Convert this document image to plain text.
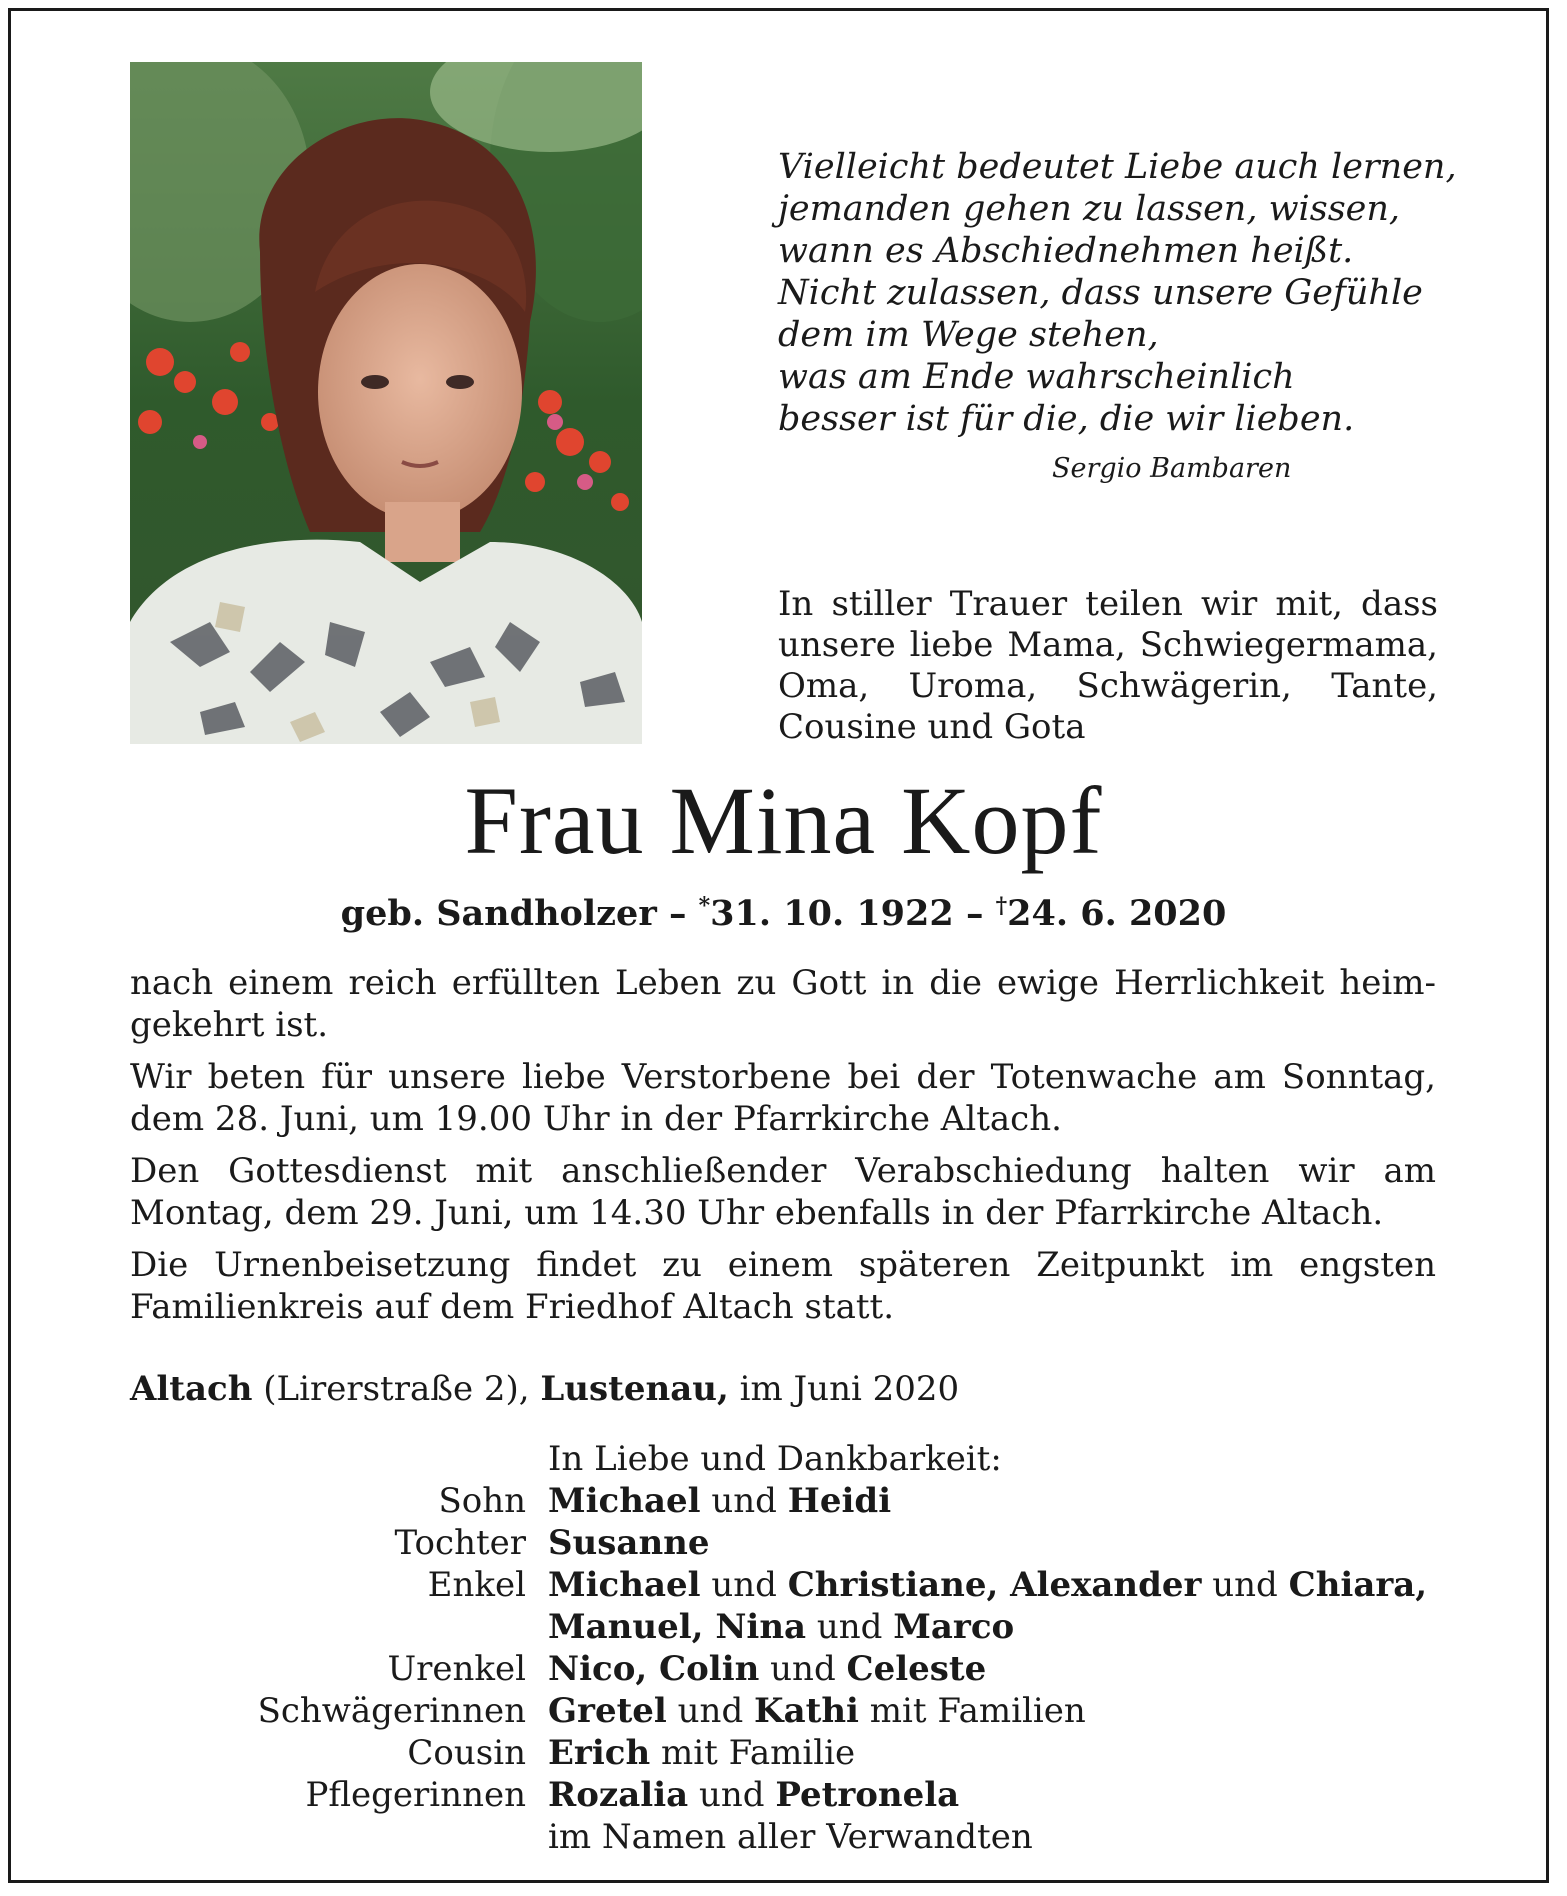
Vielleicht bedeutet Liebe auch lernen,
jemanden gehen zu lassen, wissen,
wann es Abschiednehmen heißt.
Nicht zulassen, dass unsere Gefühle
dem im Wege stehen,
was am Ende wahrscheinlich
besser ist für die, die wir lieben.
Sergio Bambaren
In stiller Trauer teilen wir mit, dass unsere liebe Mama, Schwiegermama, Oma, Uroma, Schwägerin, Tante, Cousine und Gota
Frau Mina Kopf
geb. Sandholzer – *31. 10. 1922 – †24. 6. 2020
nach einem reich erfüllten Leben zu Gott in die ewige Herrlichkeit heimgekehrt ist.
Wir beten für unsere liebe Verstorbene bei der Totenwache am Sonntag, dem 28. Juni, um 19.00 Uhr in der Pfarrkirche Altach.
Den Gottesdienst mit anschließender Verabschiedung halten wir am Montag, dem 29. Juni, um 14.30 Uhr ebenfalls in der Pfarrkirche Altach.
Die Urnenbeisetzung findet zu einem späteren Zeitpunkt im engsten Familienkreis auf dem Friedhof Altach statt.
Altach (Lirerstraße 2), Lustenau, im Juni 2020
In Liebe und Dankbarkeit:
Sohn Michael und Heidi
Tochter Susanne
Enkel Michael und Christiane, Alexander und Chiara,
Manuel, Nina und Marco
Urenkel Nico, Colin und Celeste
Schwägerinnen Gretel und Kathi mit Familien
Cousin Erich mit Familie
Pflegerinnen Rozalia und Petronela
im Namen aller Verwandten
